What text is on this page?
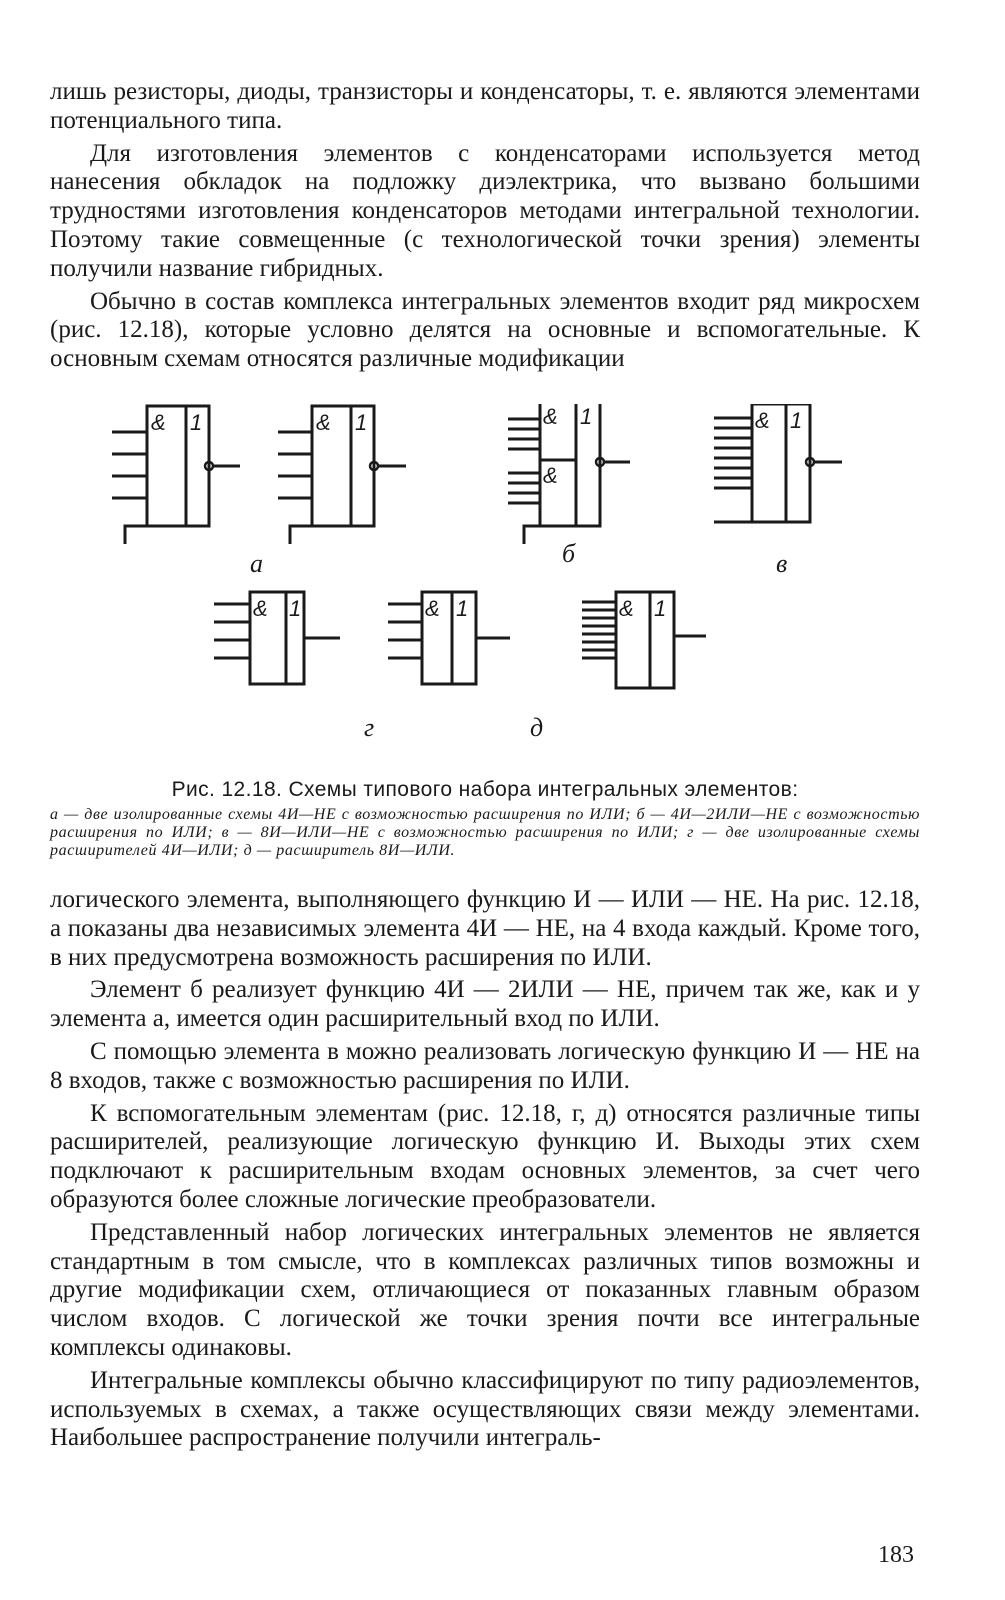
лишь резисторы, диоды, транзисторы и конденсаторы, т. е. являются элементами потенциального типа.

Для изготовления элементов с конденсаторами используется метод нанесения обкладок на подложку диэлектрика, что вызвано большими трудностями изготовления конденсаторов методами интегральной технологии. Поэтому такие совмещенные (с технологической точки зрения) элементы получили название гибридных.

Обычно в состав комплекса интегральных элементов входит ряд микросхем (рис. 12.18), которые условно делятся на основные и вспомогательные. К основным схемам относятся различные модификации

& 1	& 1	&
&
1	& 1
& 1	& 1	& 1
а	б	в
г	д

Рис. 12.18. Схемы типового набора интегральных элементов:

а — две изолированные схемы 4И—НЕ с возможностью расширения по ИЛИ; б — 4И—2ИЛИ—НЕ с возможностью расширения по ИЛИ; в — 8И—ИЛИ—НЕ с возможностью расширения по ИЛИ; г — две изолированные схемы расширителей 4И—ИЛИ; д — расширитель 8И—ИЛИ.

логического элемента, выполняющего функцию И — ИЛИ — НЕ. На рис. 12.18, а показаны два независимых элемента 4И — НЕ, на 4 входа каждый. Кроме того, в них предусмотрена возможность расширения по ИЛИ.

Элемент б реализует функцию 4И — 2ИЛИ — НЕ, причем так же, как и у элемента а, имеется один расширительный вход по ИЛИ.

С помощью элемента в можно реализовать логическую функцию И — НЕ на 8 входов, также с возможностью расширения по ИЛИ.

К вспомогательным элементам (рис. 12.18, г, д) относятся различные типы расширителей, реализующие логическую функцию И. Выходы этих схем подключают к расширительным входам основных элементов, за счет чего образуются более сложные логические преобразователи.

Представленный набор логических интегральных элементов не является стандартным в том смысле, что в комплексах различных типов возможны и другие модификации схем, отличающиеся от показанных главным образом числом входов. С логической же точки зрения почти все интегральные комплексы одинаковы.

Интегральные комплексы обычно классифицируют по типу радиоэлементов, используемых в схемах, а также осуществляющих связи между элементами. Наибольшее распространение получили интеграль-

183
